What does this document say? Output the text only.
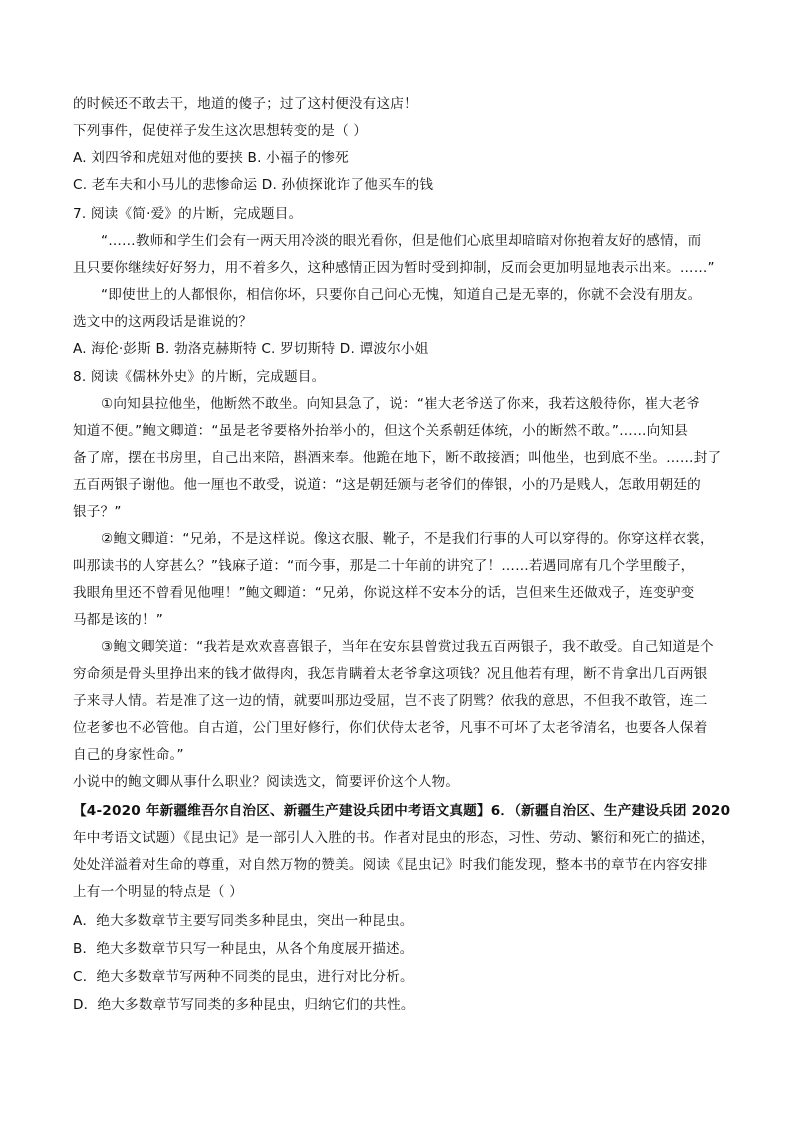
的时候还不敢去干，地道的傻子；过了这村便没有这店！
下列事件，促使祥子发生这次思想转变的是（ ）
A. 刘四爷和虎妞对他的要挟 B. 小福子的惨死
C. 老车夫和小马儿的悲惨命运 D. 孙侦探讹诈了他买车的钱
7. 阅读《简·爱》的片断，完成题目。
“……教师和学生们会有一两天用冷淡的眼光看你，但是他们心底里却暗暗对你抱着友好的感情，而
且只要你继续好好努力，用不着多久，这种感情正因为暂时受到抑制，反而会更加明显地表示出来。……”
“即使世上的人都恨你，相信你坏，只要你自己问心无愧，知道自己是无辜的，你就不会没有朋友。
选文中的这两段话是谁说的？
A. 海伦·彭斯 B. 勃洛克赫斯特 C. 罗切斯特 D. 谭波尔小姐
8. 阅读《儒林外史》的片断，完成题目。
①向知县拉他坐，他断然不敢坐。向知县急了，说：“崔大老爷送了你来，我若这般待你，崔大老爷
知道不便。”鲍文卿道：“虽是老爷要格外抬举小的，但这个关系朝廷体统，小的断然不敢。”……向知县
备了席，摆在书房里，自己出来陪，斟酒来奉。他跪在地下，断不敢接酒；叫他坐，也到底不坐。……封了
五百两银子谢他。他一厘也不敢受，说道：“这是朝廷颁与老爷们的俸银，小的乃是贱人，怎敢用朝廷的
银子？”
②鲍文卿道：“兄弟，不是这样说。像这衣服、靴子，不是我们行事的人可以穿得的。你穿这样衣裳，
叫那读书的人穿甚么？”钱麻子道：“而今事，那是二十年前的讲究了！……若遇同席有几个学里酸子，
我眼角里还不曾看见他哩！”鲍文卿道：“兄弟，你说这样不安本分的话，岂但来生还做戏子，连变驴变
马都是该的！”
③鲍文卿笑道：“我若是欢欢喜喜银子，当年在安东县曾赏过我五百两银子，我不敢受。自己知道是个
穷命须是骨头里挣出来的钱才做得肉，我怎肯瞒着太老爷拿这项钱？况且他若有理，断不肯拿出几百两银
子来寻人情。若是准了这一边的情，就要叫那边受屈，岂不丧了阴骘？依我的意思，不但我不敢管，连二
位老爹也不必管他。自古道，公门里好修行，你们伏侍太老爷，凡事不可坏了太老爷清名，也要各人保着
自己的身家性命。”
小说中的鲍文卿从事什么职业？阅读选文，简要评价这个人物。
【4-2020 年新疆维吾尔自治区、新疆生产建设兵团中考语文真题】6．（新疆自治区、生产建设兵团 2020
年中考语文试题）《昆虫记》是一部引人入胜的书。作者对昆虫的形态，习性、劳动、繁衍和死亡的描述，
处处洋溢着对生命的尊重，对自然万物的赞美。阅读《昆虫记》时我们能发现，整本书的章节在内容安排
上有一个明显的特点是（ ）
A．绝大多数章节主要写同类多种昆虫，突出一种昆虫。
B．绝大多数章节只写一种昆虫，从各个角度展开描述。
C．绝大多数章节写两种不同类的昆虫，进行对比分析。
D．绝大多数章节写同类的多种昆虫，归纳它们的共性。
